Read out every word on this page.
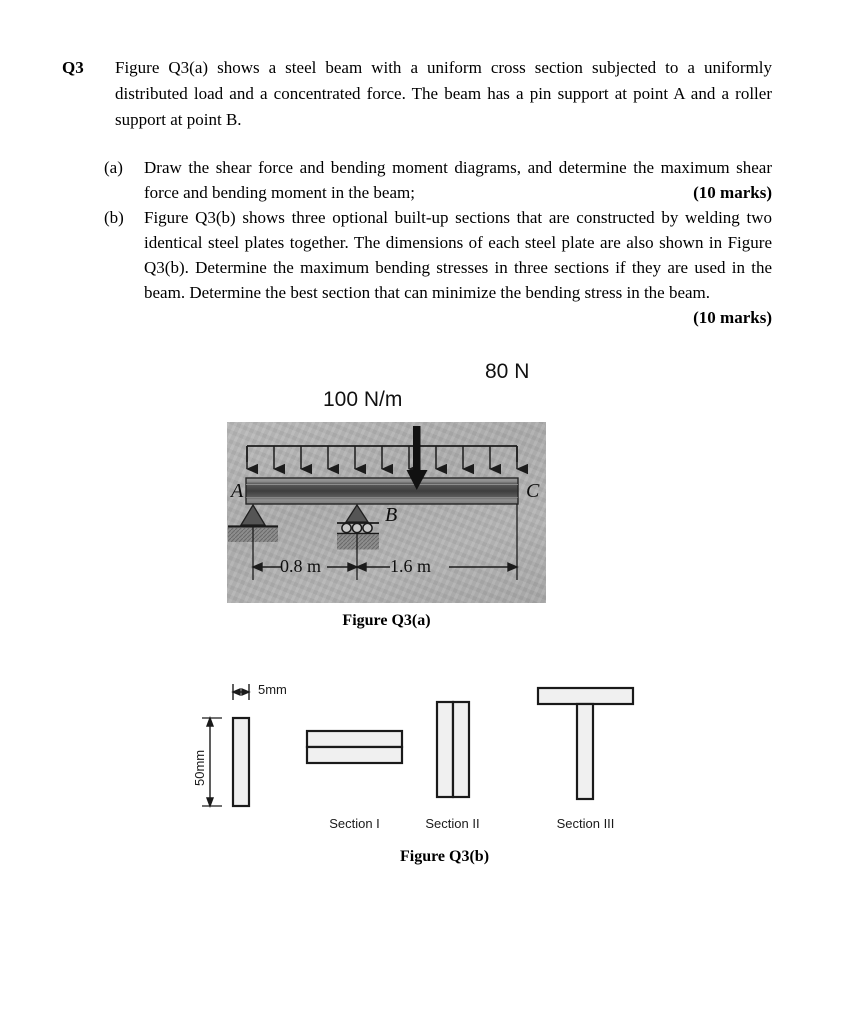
Q3	Figure Q3(a) shows a steel beam with a uniform cross section subjected to a uniformly distributed load and a concentrated force. The beam has a pin support at point A and a roller support at point B.
(a)	Draw the shear force and bending moment diagrams, and determine the maximum shear force and bending moment in the beam;	(10 marks)
(b)	Figure Q3(b) shows three optional built-up sections that are constructed by welding two identical steel plates together. The dimensions of each steel plate are also shown in Figure Q3(b). Determine the maximum bending stresses in three sections if they are used in the beam. Determine the best section that can minimize the bending stress in the beam.
(10 marks)
100 N/m
80 N
A
B
C
0.8 m	1.6 m
Figure Q3(a)
5mm
50mm
Section I	Section II	Section III
Figure Q3(b)
